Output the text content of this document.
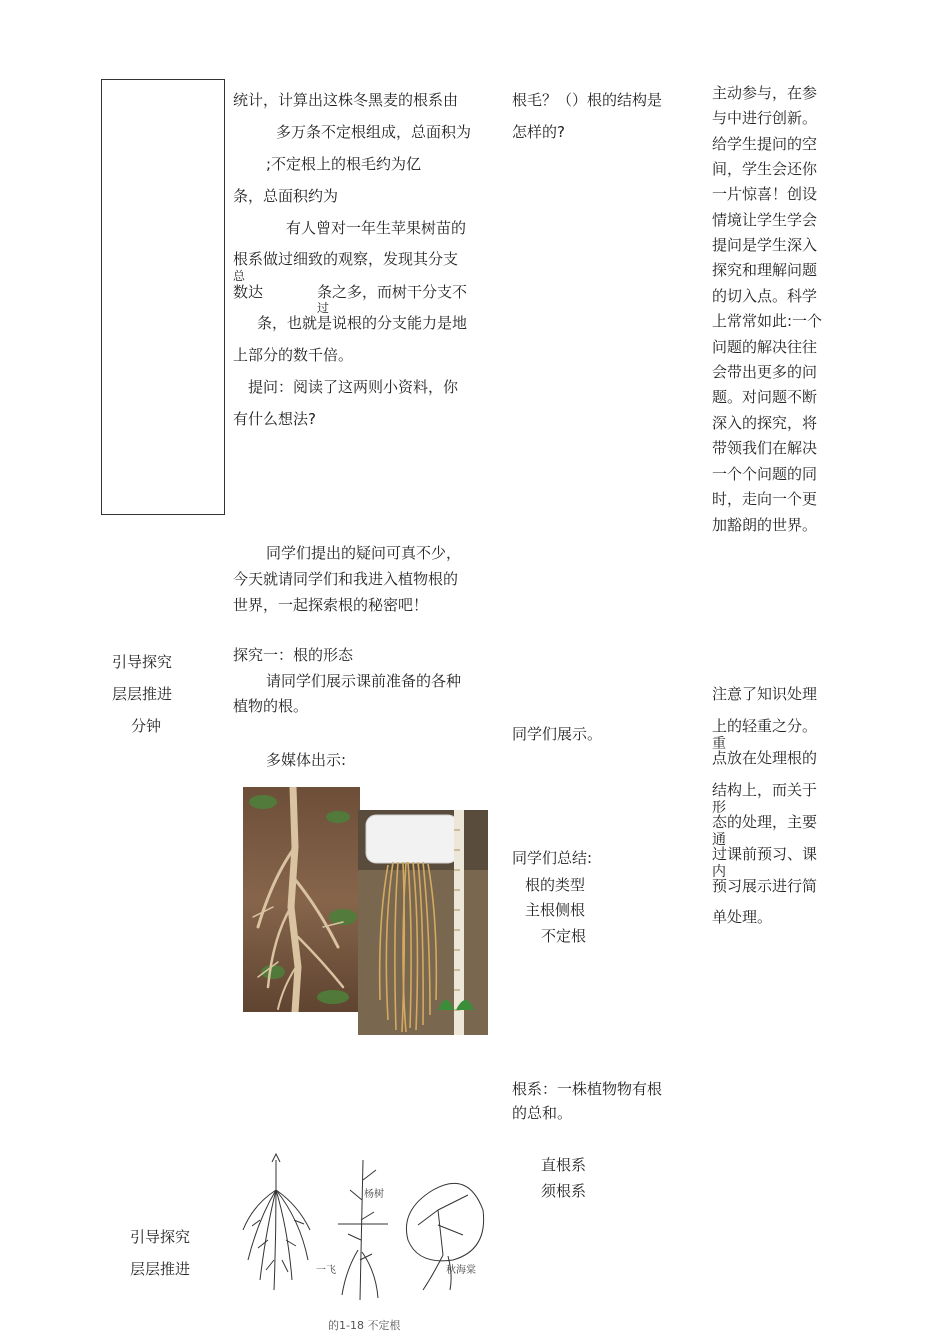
统计，计算出这株冬黑麦的根系由
多万条不定根组成，总面积为
;不定根上的根毛约为亿
条，总面积约为
有人曾对一年生苹果树苗的
根系做过细致的观察，发现其分支
总
数达	条之多，而树干分支不
过
条，也就是说根的分支能力是地
上部分的数千倍。
提问：阅读了这两则小资料，你
有什么想法?
同学们提出的疑问可真不少，
今天就请同学们和我进入植物根的
世界，一起探索根的秘密吧！
探究一：根的形态
请同学们展示课前准备的各种
植物的根。
多媒体出示:
一飞
杨树
秋海棠
的1-18 不定根
根毛？（）根的结构是
怎样的?
同学们展示。
同学们总结:
根的类型
主根侧根
不定根
根系：一株植物物有根
的总和。
直根系
须根系
主动参与，在参
与中进行创新。
给学生提问的空
间，学生会还你
一片惊喜！创设
情境让学生学会
提问是学生深入
探究和理解问题
的切入点。科学
上常常如此:一个
问题的解决往往
会带出更多的问
题。对问题不断
深入的探究，将
带领我们在解决
一个个问题的同
时，走向一个更
加豁朗的世界。
注意了知识处理
上的轻重之分。
重
点放在处理根的
结构上，而关于
形
态的处理，主要
通
过课前预习、课
内
预习展示进行简
单处理。
引导探究
层层推进
分钟
引导探究
层层推进
